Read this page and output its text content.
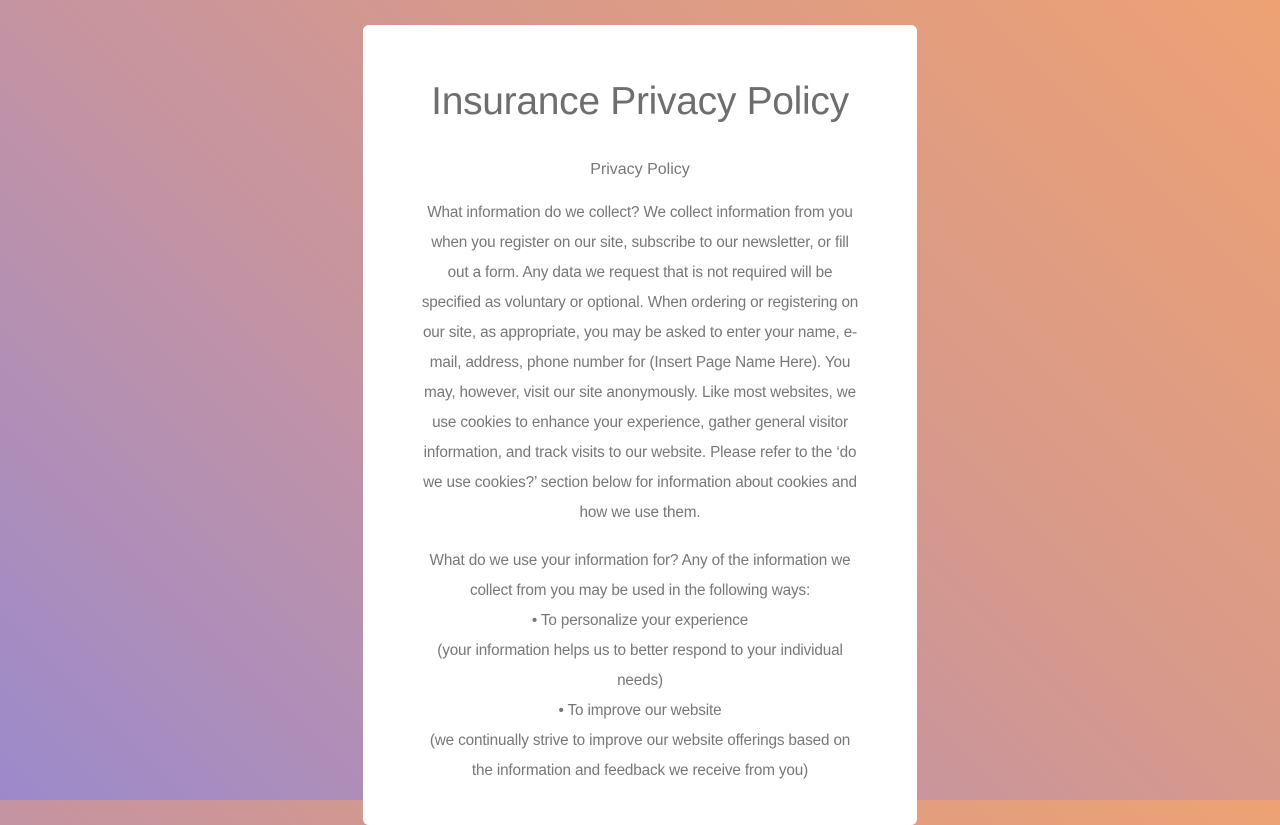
Insurance Privacy Policy
Privacy Policy
What information do we collect? We collect information from you
when you register on our site, subscribe to our newsletter, or fill
out a form. Any data we request that is not required will be
specified as voluntary or optional. When ordering or registering on
our site, as appropriate, you may be asked to enter your name, e-
mail, address, phone number for (Insert Page Name Here). You
may, however, visit our site anonymously. Like most websites, we
use cookies to enhance your experience, gather general visitor
information, and track visits to our website. Please refer to the ‘do
we use cookies?’ section below for information about cookies and
how we use them.
What do we use your information for? Any of the information we
collect from you may be used in the following ways:
• To personalize your experience
(your information helps us to better respond to your individual
needs)
• To improve our website
(we continually strive to improve our website offerings based on
the information and feedback we receive from you)
